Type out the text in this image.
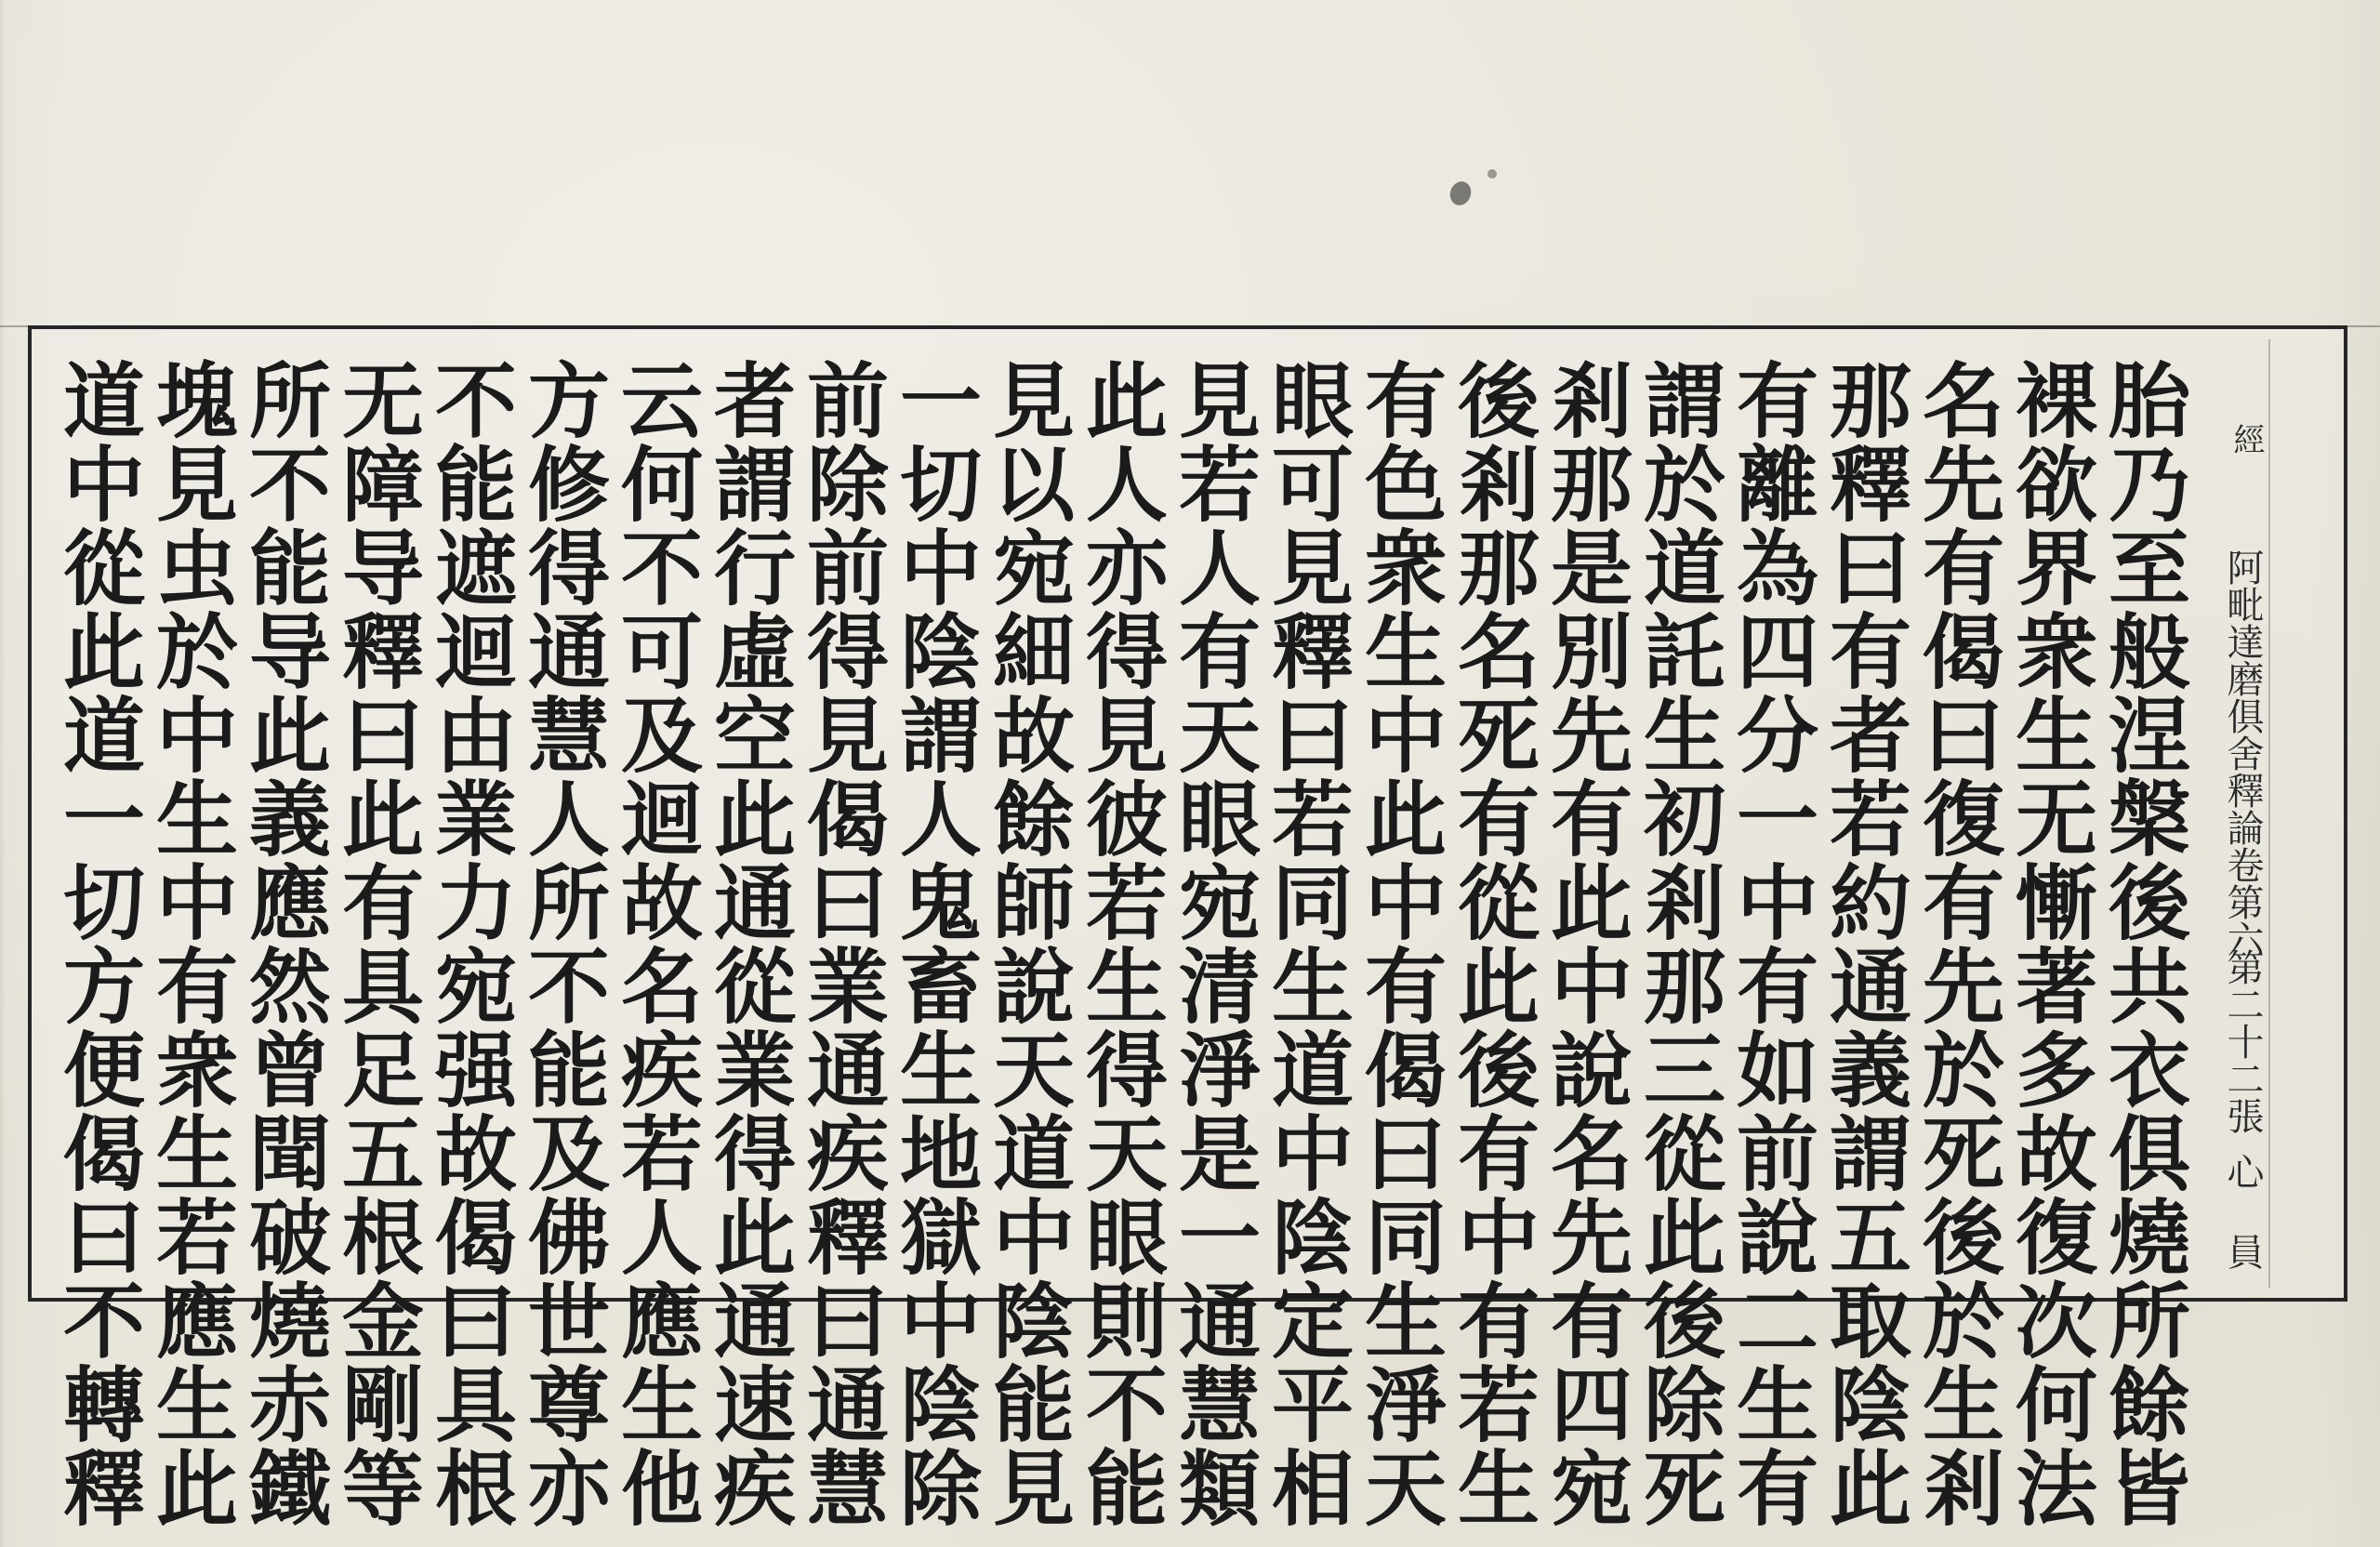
經
阿毗達磨俱舍釋論卷第六
第二十二張
心 員
胎乃至般涅槃後共衣俱燒所餘皆
裸欲界衆生无慚著多故復次何法
名先有偈曰復有先於死後於生剎
那釋曰有者若約通義謂五取陰此
有離為四分一中有如前說二生有
謂於道託生初剎那三從此後除死
剎那是別先有此中說名先有四宛
後剎那名死有從此後有中有若生
有色衆生中此中有偈曰同生淨天
眼可見釋曰若同生道中陰定平相
見若人有天眼宛清淨是一通慧類
此人亦得見彼若生得天眼則不能
見以宛細故餘師說天道中陰能見
一切中陰謂人鬼畜生地獄中陰除
前除前得見偈曰業通疾釋曰通慧
者謂行虛空此通從業得此通速疾
云何不可及迴故名疾若人應生他
方修得通慧人所不能及佛世尊亦
不能遮迴由業力宛强故偈曰具根
无障导釋曰此有具足五根金剛等
所不能导此義應然曾聞破燒赤鐵
塊見虫於中生中有衆生若應生此
道中從此道一切方便偈曰不轉釋
